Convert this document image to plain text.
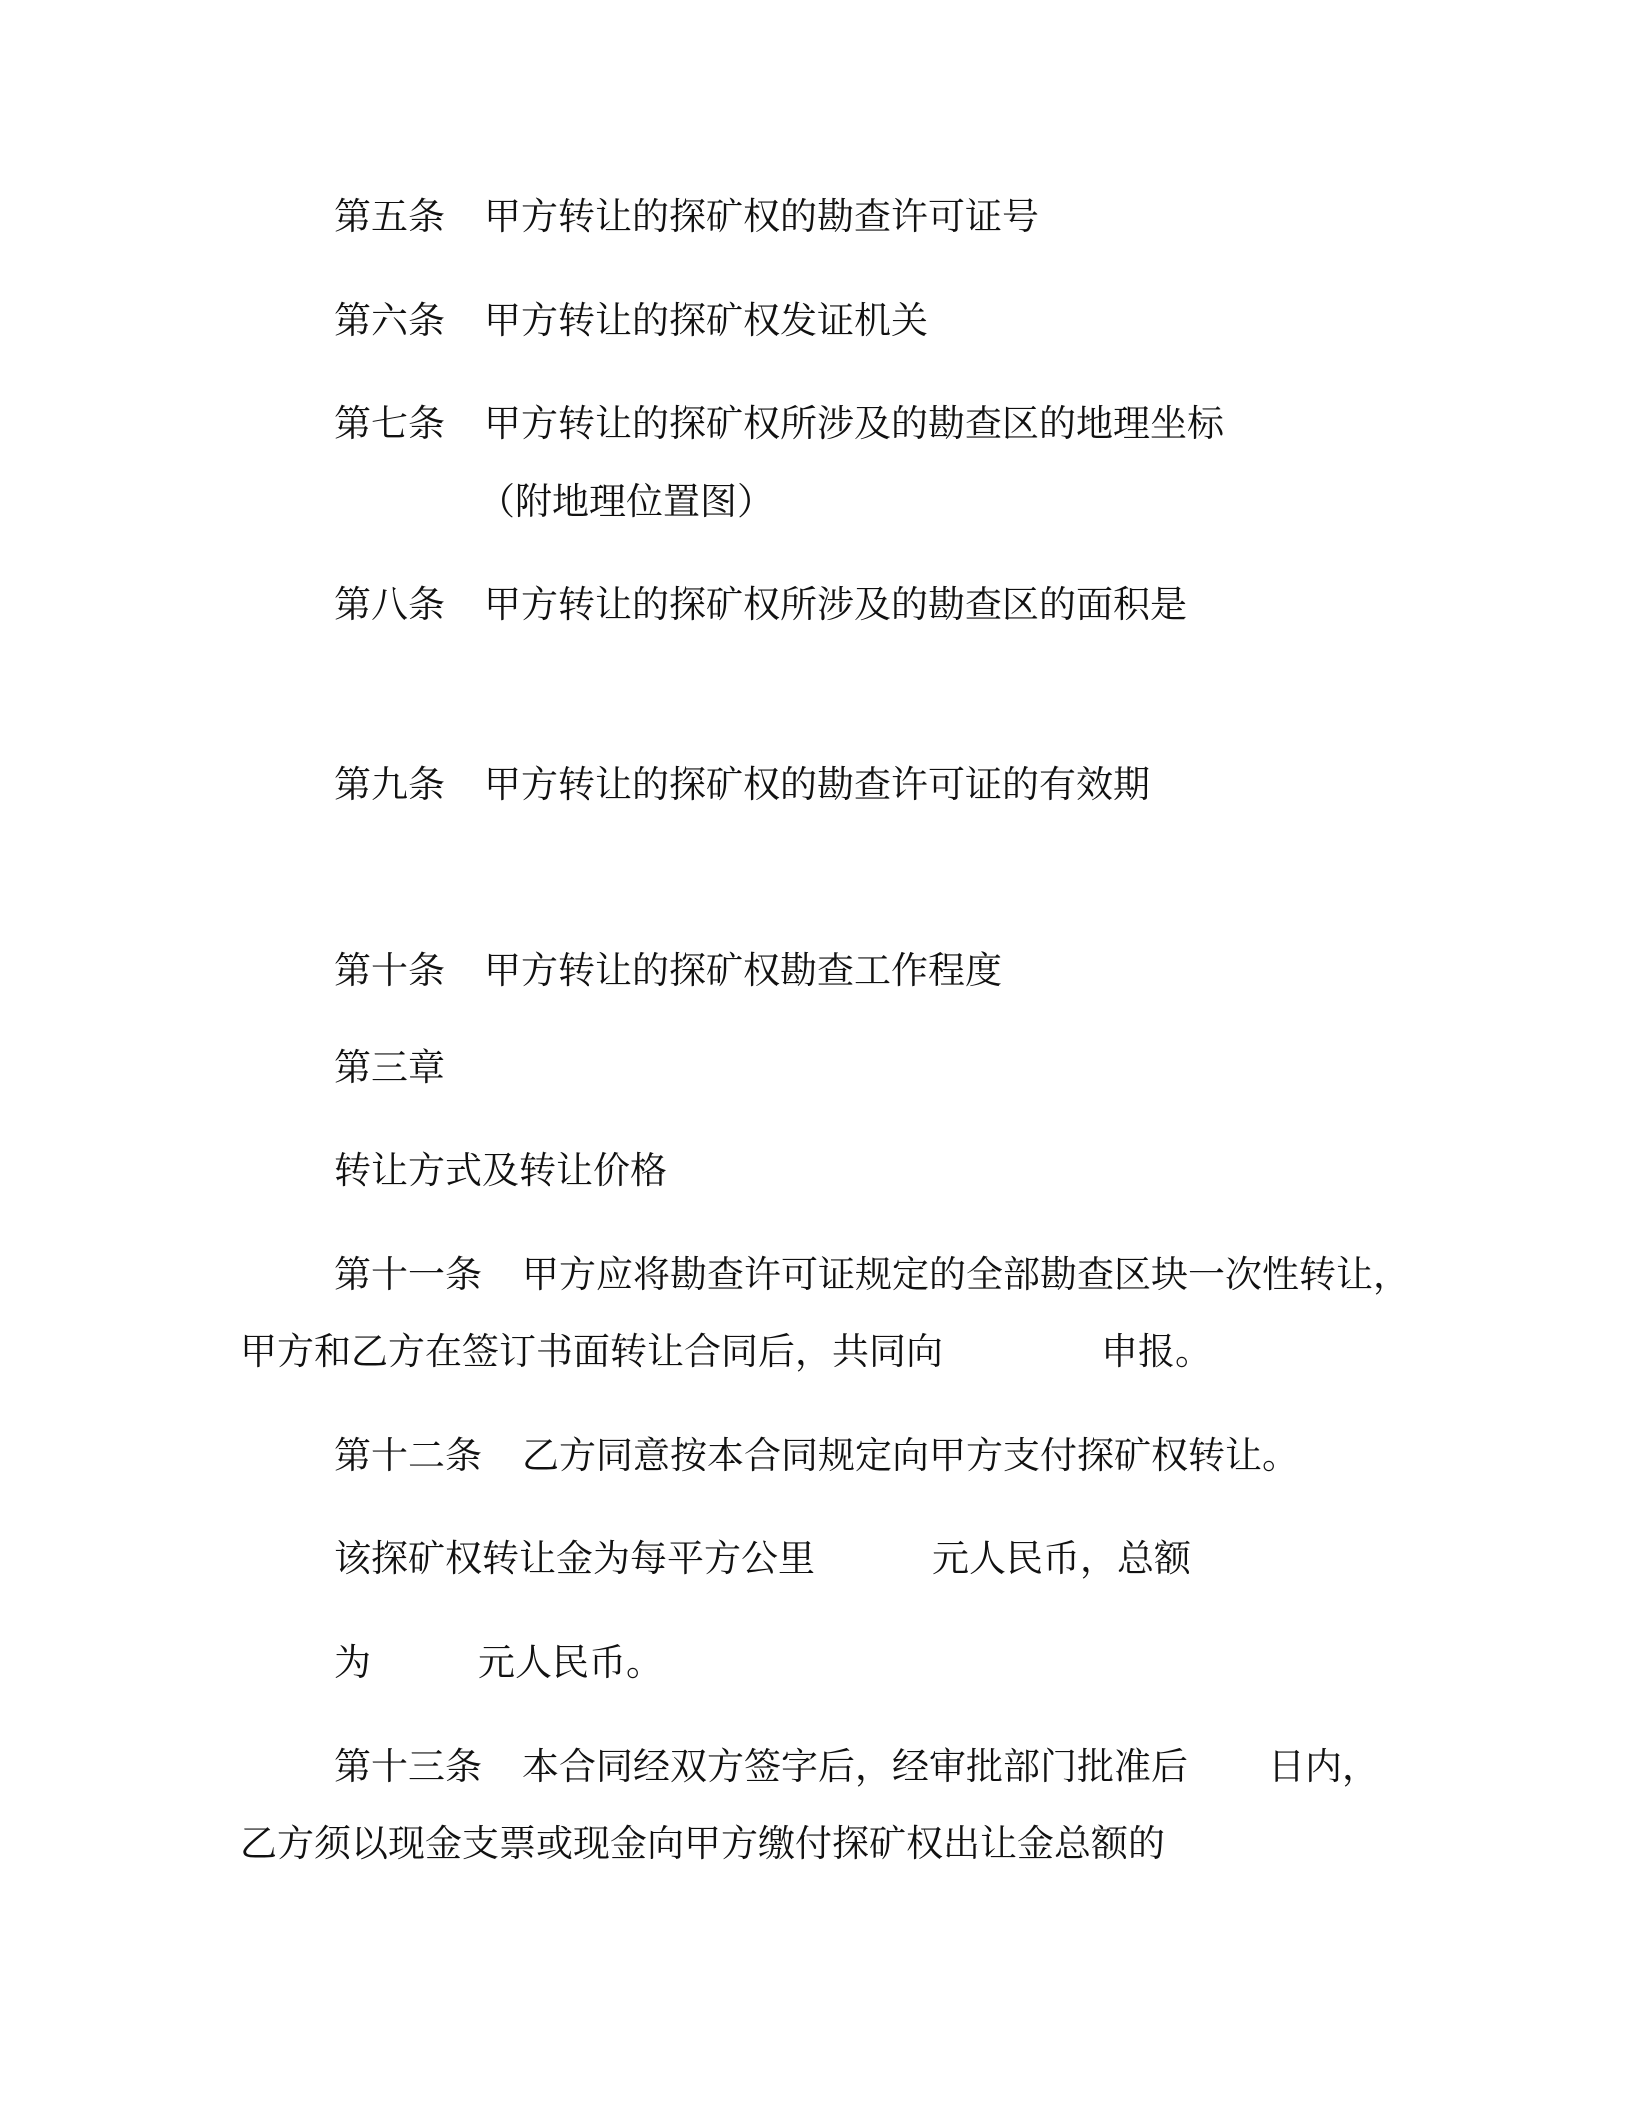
第五条 甲方转让的探矿权的勘查许可证号
第六条 甲方转让的探矿权发证机关
第七条 甲方转让的探矿权所涉及的勘查区的地理坐标
（附地理位置图）
第八条 甲方转让的探矿权所涉及的勘查区的面积是
第九条 甲方转让的探矿权的勘查许可证的有效期
第十条 甲方转让的探矿权勘查工作程度
第三章
转让方式及转让价格
第十一条 甲方应将勘查许可证规定的全部勘查区块一次性转让，
甲方和乙方在签订书面转让合同后，共同向	申报。
第十二条 乙方同意按本合同规定向甲方支付探矿权转让。
该探矿权转让金为每平方公里	元人民币，总额
为	元人民币。
第十三条 本合同经双方签字后，经审批部门批准后 日内，
乙方须以现金支票或现金向甲方缴付探矿权出让金总额的
